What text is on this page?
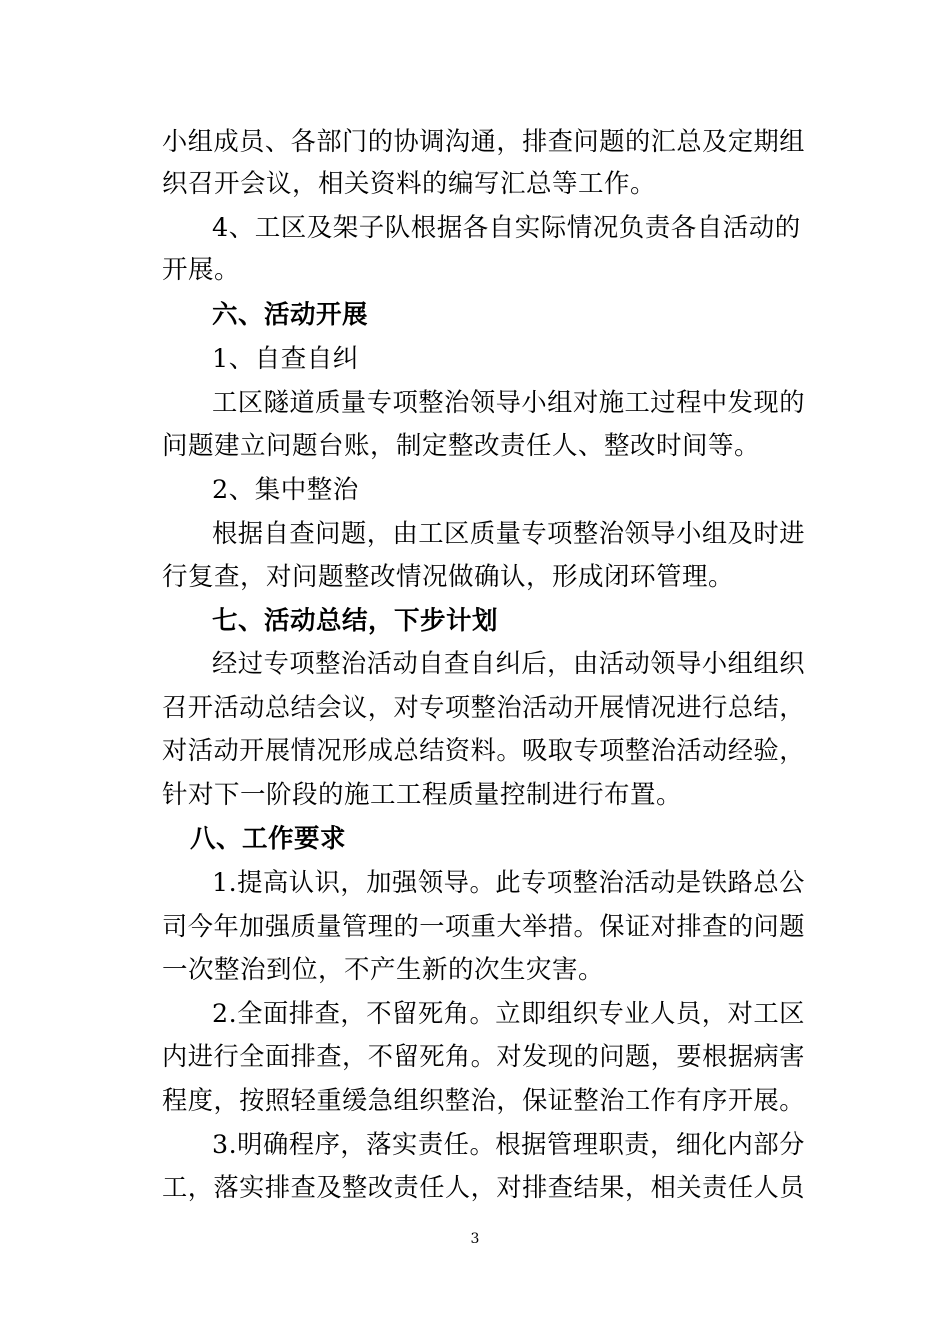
小组成员、各部门的协调沟通，排查问题的汇总及定期组
织召开会议，相关资料的编写汇总等工作。
4、工区及架子队根据各自实际情况负责各自活动的
开展。
六、活动开展
1、自查自纠
工区隧道质量专项整治领导小组对施工过程中发现的
问题建立问题台账，制定整改责任人、整改时间等。
2、集中整治
根据自查问题，由工区质量专项整治领导小组及时进
行复查，对问题整改情况做确认，形成闭环管理。
七、活动总结，下步计划
经过专项整治活动自查自纠后，由活动领导小组组织
召开活动总结会议，对专项整治活动开展情况进行总结，
对活动开展情况形成总结资料。吸取专项整治活动经验，
针对下一阶段的施工工程质量控制进行布置。
八、工作要求
1.提高认识，加强领导。此专项整治活动是铁路总公
司今年加强质量管理的一项重大举措。保证对排查的问题
一次整治到位，不产生新的次生灾害。
2.全面排查，不留死角。立即组织专业人员，对工区
内进行全面排查，不留死角。对发现的问题，要根据病害
程度，按照轻重缓急组织整治，保证整治工作有序开展。
3.明确程序，落实责任。根据管理职责，细化内部分
工，落实排查及整改责任人，对排查结果，相关责任人员
3
